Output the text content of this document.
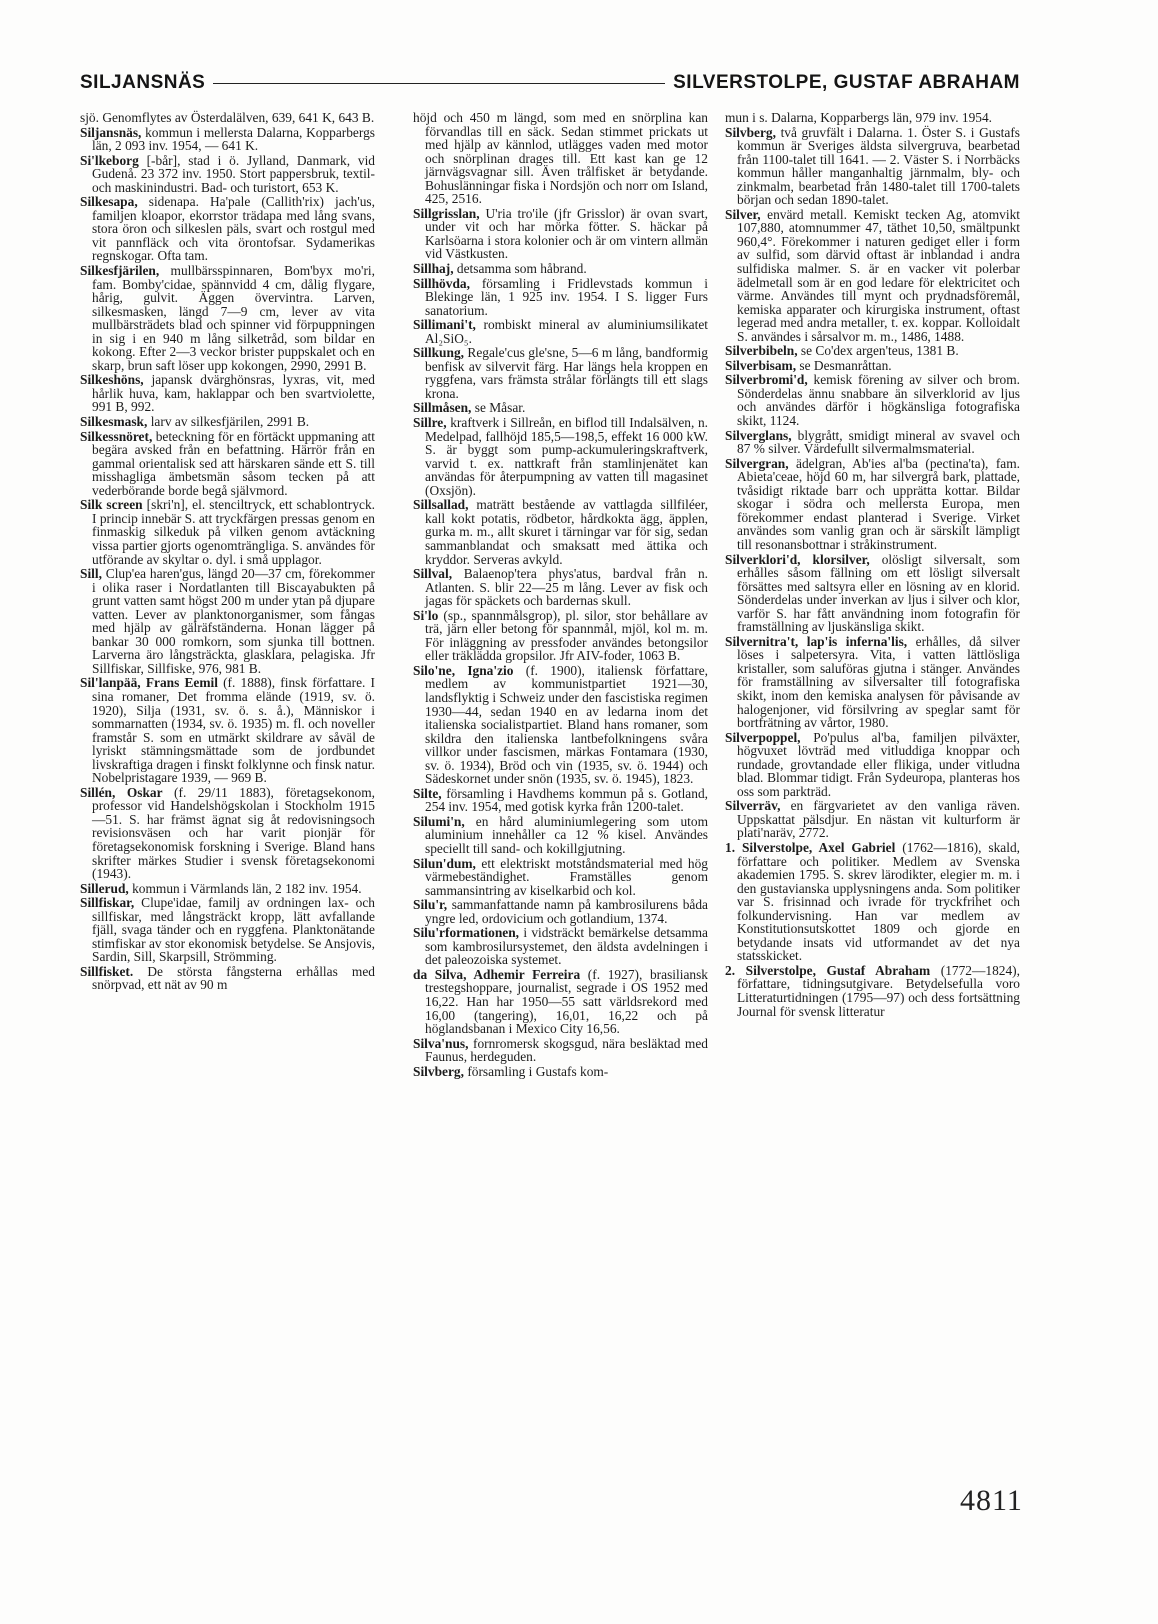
SILJANSNÄS	SILVERSTOLPE, GUSTAF ABRAHAM

sjö. Genomflytes av Österdalälven, 639, 641 K, 643 B.

Siljansnäs, kommun i mellersta Dalarna, Kopparbergs län, 2 093 inv. 1954, — 641 K.

Si'lkeborg [-bår], stad i ö. Jylland, Danmark, vid Gudenå. 23 372 inv. 1950. Stort pappersbruk, textil- och maskinindustri. Bad- och turistort, 653 K.

Silkesapa, sidenapa. Ha'pale (Callith'rix) jach'us, familjen kloapor, ekorrstor trädapa med lång svans, stora öron och silkeslen päls, svart och rostgul med vit pannfläck och vita örontofsar. Sydamerikas regnskogar. Ofta tam.

Silkesfjärilen, mullbärsspinnaren, Bom'byx mo'ri, fam. Bomby'cidae, spännvidd 4 cm, dålig flygare, hårig, gulvit. Äggen övervintra. Larven, silkesmasken, längd 7—9 cm, lever av vita mullbärsträdets blad och spinner vid förpuppningen in sig i en 940 m lång silketråd, som bildar en kokong. Efter 2—3 veckor brister puppskalet och en skarp, brun saft löser upp kokongen, 2990, 2991 B.

Silkeshöns, japansk dvärghönsras, lyxras, vit, med hårlik huva, kam, haklappar och ben svartviolette, 991 B, 992.

Silkesmask, larv av silkesfjärilen, 2991 B.

Silkessnöret, beteckning för en förtäckt uppmaning att begära avsked från en befattning. Härrör från en gammal orientalisk sed att härskaren sände ett S. till misshagliga ämbetsmän såsom tecken på att vederbörande borde begå självmord.

Silk screen [skri'n], el. stenciltryck, ett schablontryck. I princip innebär S. att tryckfärgen pressas genom en finmaskig silkeduk på vilken genom avtäckning vissa partier gjorts ogenomträngliga. S. användes för utförande av skyltar o. dyl. i små upplagor.

Sill, Clup'ea haren'gus, längd 20—37 cm, förekommer i olika raser i Nordatlanten till Biscayabukten på grunt vatten samt högst 200 m under ytan på djupare vatten. Lever av planktonorganismer, som fångas med hjälp av gälräfständerna. Honan lägger på bankar 30 000 romkorn, som sjunka till bottnen. Larverna äro långsträckta, glasklara, pelagiska. Jfr Sillfiskar, Sillfiske, 976, 981 B.

Sil'lanpää, Frans Eemil (f. 1888), finsk författare. I sina romaner, Det fromma elände (1919, sv. ö. 1920), Silja (1931, sv. ö. s. å.), Människor i sommarnatten (1934, sv. ö. 1935) m. fl. och noveller framstår S. som en utmärkt skildrare av såväl de lyriskt stämningsmättade som de jordbundet livskraftiga dragen i finskt folklynne och finsk natur. Nobelpristagare 1939, — 969 B.

Sillén, Oskar (f. 29/11 1883), företagsekonom, professor vid Handelshögskolan i Stockholm 1915—51. S. har främst ägnat sig åt redovisningsoch revisionsväsen och har varit pionjär för företagsekonomisk forskning i Sverige. Bland hans skrifter märkes Studier i svensk företagsekonomi (1943).

Sillerud, kommun i Värmlands län, 2 182 inv. 1954.

Sillfiskar, Clupe'idae, familj av ordningen lax- och sillfiskar, med långsträckt kropp, lätt avfallande fjäll, svaga tänder och en ryggfena. Planktonätande stimfiskar av stor ekonomisk betydelse. Se Ansjovis, Sardin, Sill, Skarpsill, Strömming.

Sillfisket. De största fångsterna erhållas med snörpvad, ett nät av 90 m

höjd och 450 m längd, som med en snörplina kan förvandlas till en säck. Sedan stimmet prickats ut med hjälp av kännlod, utlägges vaden med motor och snörplinan drages till. Ett kast kan ge 12 järnvägsvagnar sill. Även trålfisket är betydande. Bohuslänningar fiska i Nordsjön och norr om Island, 425, 2516.

Sillgrisslan, U'ria tro'ile (jfr Grisslor) är ovan svart, under vit och har mörka fötter. S. häckar på Karlsöarna i stora kolonier och är om vintern allmän vid Västkusten.

Sillhaj, detsamma som håbrand.

Sillhövda, församling i Fridlevstads kommun i Blekinge län, 1 925 inv. 1954. I S. ligger Furs sanatorium.

Sillimani't, rombiskt mineral av aluminiumsilikatet Al₂SiO₅.

Sillkung, Regale'cus gle'sne, 5—6 m lång, bandformig benfisk av silvervit färg. Har längs hela kroppen en ryggfena, vars främsta strålar förlängts till ett slags krona.

Sillmåsen, se Måsar.

Sillre, kraftverk i Sillreån, en biflod till Indalsälven, n. Medelpad, fallhöjd 185,5—198,5, effekt 16 000 kW. S. är byggt som pump-ackumuleringskraftverk, varvid t. ex. nattkraft från stamlinjenätet kan användas för återpumpning av vatten till magasinet (Oxsjön).

Sillsallad, maträtt bestående av vattlagda sillfiléer, kall kokt potatis, rödbetor, hårdkokta ägg, äpplen, gurka m. m., allt skuret i tärningar var för sig, sedan sammanblandat och smaksatt med ättika och kryddor. Serveras avkyld.

Sillval, Balaenop'tera phys'atus, bardval från n. Atlanten. S. blir 22—25 m lång. Lever av fisk och jagas för späckets och bardernas skull.

Si'lo (sp., spannmålsgrop), pl. silor, stor behållare av trä, järn eller betong för spannmål, mjöl, kol m. m. För inläggning av pressfoder användes betongsilor eller träklädda gropsilor. Jfr AIV-foder, 1063 B.

Silo'ne, Igna'zio (f. 1900), italiensk författare, medlem av kommunistpartiet 1921—30, landsflyktig i Schweiz under den fascistiska regimen 1930—44, sedan 1940 en av ledarna inom det italienska socialistpartiet. Bland hans romaner, som skildra den italienska lantbefolkningens svåra villkor under fascismen, märkas Fontamara (1930, sv. ö. 1934), Bröd och vin (1935, sv. ö. 1944) och Sädeskornet under snön (1935, sv. ö. 1945), 1823.

Silte, församling i Havdhems kommun på s. Gotland, 254 inv. 1954, med gotisk kyrka från 1200-talet.

Silumi'n, en hård aluminiumlegering som utom aluminium innehåller ca 12 % kisel. Användes speciellt till sand- och kokillgjutning.

Silun'dum, ett elektriskt motståndsmaterial med hög värmebeständighet. Framställes genom sammansintring av kiselkarbid och kol.

Silu'r, sammanfattande namn på kambrosilurens båda yngre led, ordovicium och gotlandium, 1374.

Silu'rformationen, i vidsträckt bemärkelse detsamma som kambrosilursystemet, den äldsta avdelningen i det paleozoiska systemet.

da Silva, Adhemir Ferreira (f. 1927), brasiliansk trestegshoppare, journalist, segrade i OS 1952 med 16,22. Han har 1950—55 satt världsrekord med 16,00 (tangering), 16,01, 16,22 och på höglandsbanan i Mexico City 16,56.

Silva'nus, fornromersk skogsgud, nära besläktad med Faunus, herdeguden.

Silvberg, församling i Gustafs kom-

mun i s. Dalarna, Kopparbergs län, 979 inv. 1954.

Silvberg, två gruvfält i Dalarna. 1. Öster S. i Gustafs kommun är Sveriges äldsta silvergruva, bearbetad från 1100-talet till 1641. — 2. Väster S. i Norrbäcks kommun håller manganhaltig järnmalm, bly- och zinkmalm, bearbetad från 1480-talet till 1700-talets början och sedan 1890-talet.

Silver, envärd metall. Kemiskt tecken Ag, atomvikt 107,880, atomnummer 47, täthet 10,50, smältpunkt 960,4°. Förekommer i naturen gediget eller i form av sulfid, som därvid oftast är inblandad i andra sulfidiska malmer. S. är en vacker vit polerbar ädelmetall som är en god ledare för elektricitet och värme. Användes till mynt och prydnadsföremål, kemiska apparater och kirurgiska instrument, oftast legerad med andra metaller, t. ex. koppar. Kolloidalt S. användes i sårsalvor m. m., 1486, 1488.

Silverbibeln, se Co'dex argen'teus, 1381 B.

Silverbisam, se Desmanråttan.

Silverbromi'd, kemisk förening av silver och brom. Sönderdelas ännu snabbare än silverklorid av ljus och användes därför i högkänsliga fotografiska skikt, 1124.

Silverglans, blygrått, smidigt mineral av svavel och 87 % silver. Värdefullt silvermalmsmaterial.

Silvergran, ädelgran, Ab'ies al'ba (pectina'ta), fam. Abieta'ceae, höjd 60 m, har silvergrå bark, plattade, tvåsidigt riktade barr och upprätta kottar. Bildar skogar i södra och mellersta Europa, men förekommer endast planterad i Sverige. Virket användes som vanlig gran och är särskilt lämpligt till resonansbottnar i stråkinstrument.

Silverklori'd, klorsilver, olösligt silversalt, som erhålles såsom fällning om ett lösligt silversalt försättes med saltsyra eller en lösning av en klorid. Sönderdelas under inverkan av ljus i silver och klor, varför S. har fått användning inom fotografin för framställning av ljuskänsliga skikt.

Silvernitra't, lap'is inferna'lis, erhålles, då silver löses i salpetersyra. Vita, i vatten lättlösliga kristaller, som saluföras gjutna i stänger. Användes för framställning av silversalter till fotografiska skikt, inom den kemiska analysen för påvisande av halogenjoner, vid försilvring av speglar samt för bortfrätning av vårtor, 1980.

Silverpoppel, Po'pulus al'ba, familjen pilväxter, högvuxet lövträd med vitluddiga knoppar och rundade, grovtandade eller flikiga, under vitludna blad. Blommar tidigt. Från Sydeuropa, planteras hos oss som parkträd.

Silverräv, en färgvarietet av den vanliga räven. Uppskattat pälsdjur. En nästan vit kulturform är plati'naräv, 2772.

1. Silverstolpe, Axel Gabriel (1762—1816), skald, författare och politiker. Medlem av Svenska akademien 1795. S. skrev lärodikter, elegier m. m. i den gustavianska upplysningens anda. Som politiker var S. frisinnad och ivrade för tryckfrihet och folkundervisning. Han var medlem av Konstitutionsutskottet 1809 och gjorde en betydande insats vid utformandet av det nya statsskicket.

2. Silverstolpe, Gustaf Abraham (1772—1824), författare, tidningsutgivare. Betydelsefulla voro Litteraturtidningen (1795—97) och dess fortsättning Journal för svensk litteratur

4811
